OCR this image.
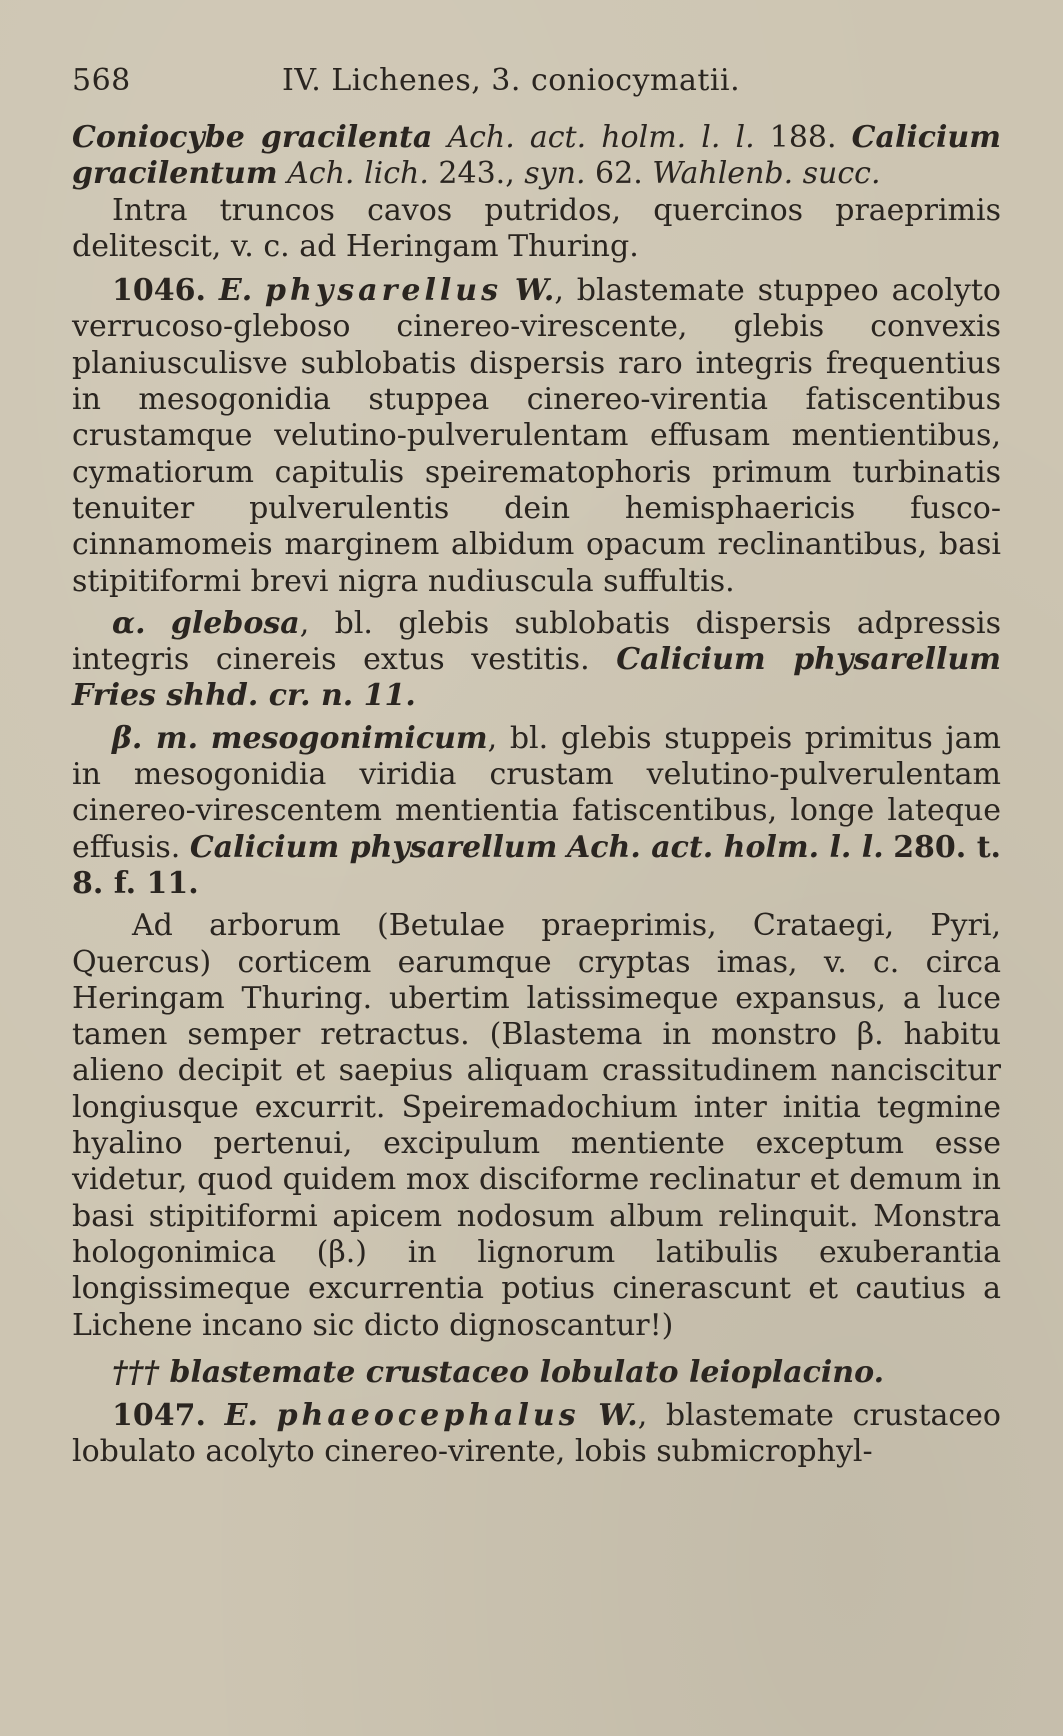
568	IV. Lichenes, 3. coniocymatii.

Coniocybe gracilenta Ach. act. holm. l. l. 188. Calicium gracilentum Ach. lich. 243., syn. 62. Wahlenb. succ.

Intra truncos cavos putridos, quercinos praeprimis delitescit, v. c. ad Heringam Thuring.

1046. E. physarellus W., blastemate stuppeo acolyto verrucoso-gleboso cinereo-virescente, glebis convexis planiusculisve sublobatis dispersis raro integris frequentius in mesogonidia stuppea cinereo-virentia fatiscentibus crustamque velutino-pulverulentam effusam mentientibus, cymatiorum capitulis speirematophoris primum turbinatis tenuiter pulverulentis dein hemisphaericis fusco-cinnamomeis marginem albidum opacum reclinantibus, basi stipitiformi brevi nigra nudiuscula suffultis.

α. glebosa, bl. glebis sublobatis dispersis adpressis integris cinereis extus vestitis. Calicium physarellum Fries shhd. cr. n. 11.

β. m. mesogonimicum, bl. glebis stuppeis primitus jam in mesogonidia viridia crustam velutino-pulverulentam cinereo-virescentem mentientia fatiscentibus, longe lateque effusis. Calicium physarellum Ach. act. holm. l. l. 280. t. 8. f. 11.

Ad arborum (Betulae praeprimis, Crataegi, Pyri, Quercus) corticem earumque cryptas imas, v. c. circa Heringam Thuring. ubertim latissimeque expansus, a luce tamen semper retractus. (Blastema in monstro β. habitu alieno decipit et saepius aliquam crassitudinem nanciscitur longiusque excurrit. Speiremadochium inter initia tegmine hyalino pertenui, excipulum mentiente exceptum esse videtur, quod quidem mox disciforme reclinatur et demum in basi stipitiformi apicem nodosum album relinquit. Monstra hologonimica (β.) in lignorum latibulis exuberantia longissimeque excurrentia potius cinerascunt et cautius a Lichene incano sic dicto dignoscantur!)

††† blastemate crustaceo lobulato leioplacino.

1047. E. phaeocephalus W., blastemate crustaceo lobulato acolyto cinereo-virente, lobis submicrophyl-
